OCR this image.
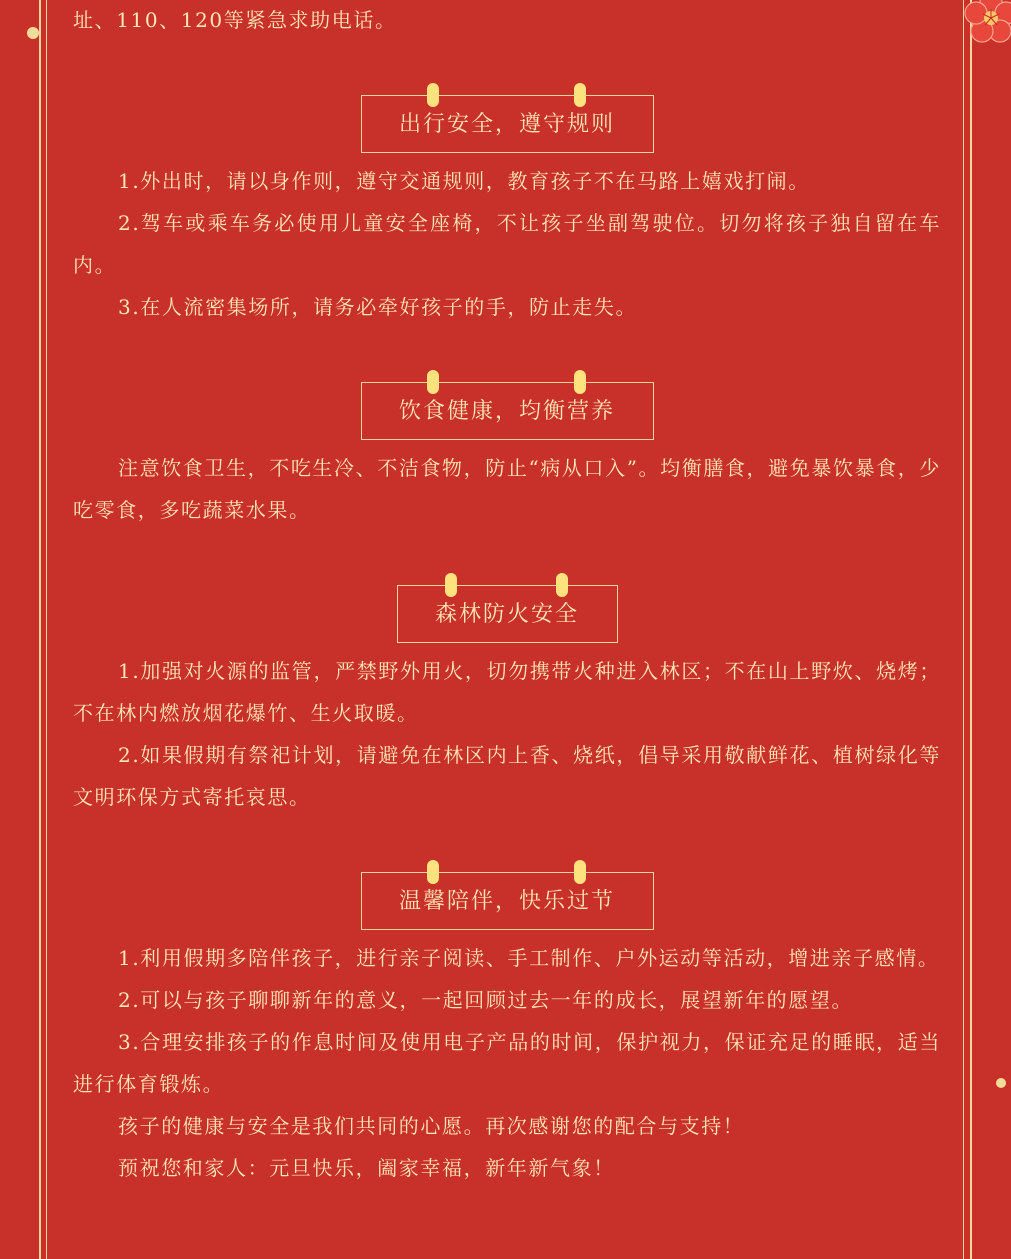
址、110、120等紧急求助电话。

出行安全，遵守规则

1.外出时，请以身作则，遵守交通规则，教育孩子不在马路上嬉戏打闹。

2.驾车或乘车务必使用儿童安全座椅，不让孩子坐副驾驶位。切勿将孩子独自留在车内。

3.在人流密集场所，请务必牵好孩子的手，防止走失。

饮食健康，均衡营养

注意饮食卫生，不吃生冷、不洁食物，防止“病从口入”。均衡膳食，避免暴饮暴食，少吃零食，多吃蔬菜水果。

森林防火安全

1.加强对火源的监管，严禁野外用火，切勿携带火种进入林区；不在山上野炊、烧烤；不在林内燃放烟花爆竹、生火取暖。

2.如果假期有祭祀计划，请避免在林区内上香、烧纸，倡导采用敬献鲜花、植树绿化等文明环保方式寄托哀思。

温馨陪伴，快乐过节

1.利用假期多陪伴孩子，进行亲子阅读、手工制作、户外运动等活动，增进亲子感情。

2.可以与孩子聊聊新年的意义，一起回顾过去一年的成长，展望新年的愿望。

3.合理安排孩子的作息时间及使用电子产品的时间，保护视力，保证充足的睡眠，适当进行体育锻炼。

孩子的健康与安全是我们共同的心愿。再次感谢您的配合与支持！

预祝您和家人：元旦快乐，阖家幸福，新年新气象！
